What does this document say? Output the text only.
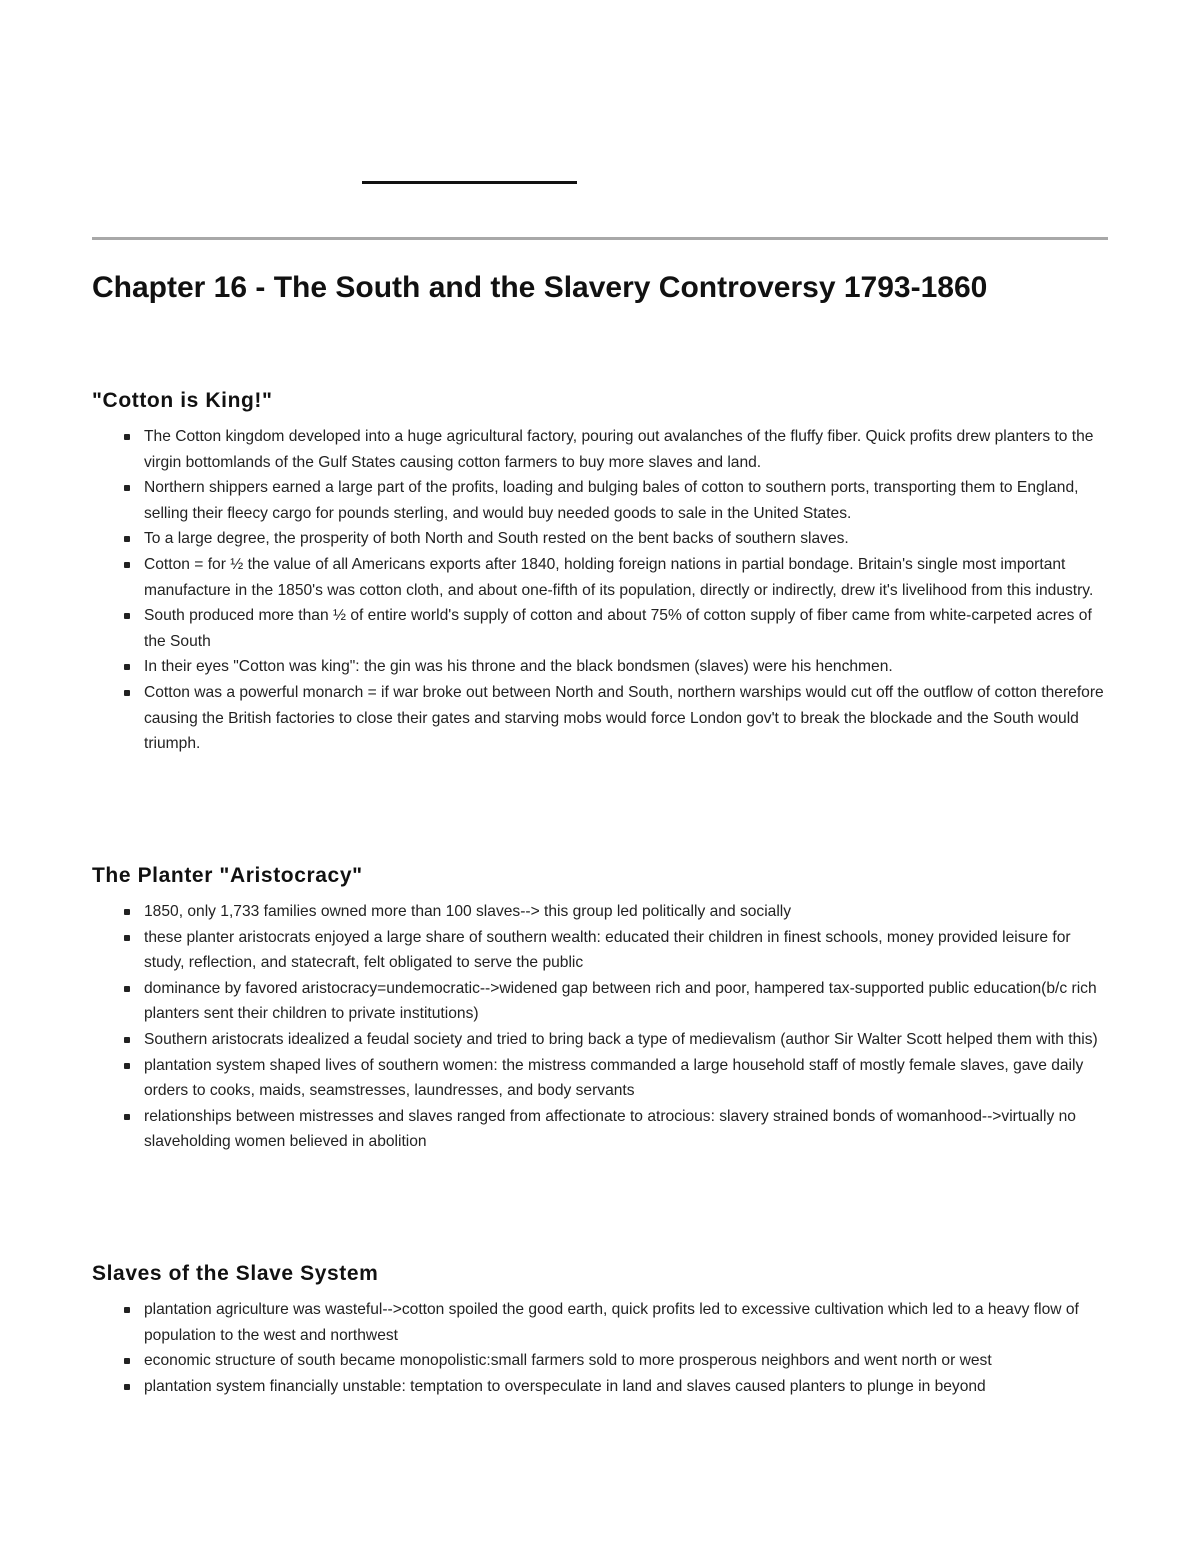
Chapter 16 - The South and the Slavery Controversy 1793-1860
"Cotton is King!"
The Cotton kingdom developed into a huge agricultural factory, pouring out avalanches of the fluffy fiber. Quick profits drew planters to the virgin bottomlands of the Gulf States causing cotton farmers to buy more slaves and land.
Northern shippers earned a large part of the profits, loading and bulging bales of cotton to southern ports, transporting them to England, selling their fleecy cargo for pounds sterling, and would buy needed goods to sale in the United States.
To a large degree, the prosperity of both North and South rested on the bent backs of southern slaves.
Cotton = for ½ the value of all Americans exports after 1840, holding foreign nations in partial bondage. Britain's single most important manufacture in the 1850's was cotton cloth, and about one-fifth of its population, directly or indirectly, drew it's livelihood from this industry.
South produced more than ½ of entire world's supply of cotton and about 75% of cotton supply of fiber came from white-carpeted acres of the South
In their eyes "Cotton was king": the gin was his throne and the black bondsmen (slaves) were his henchmen.
Cotton was a powerful monarch = if war broke out between North and South, northern warships would cut off the outflow of cotton therefore causing the British factories to close their gates and starving mobs would force London gov't to break the blockade and the South would triumph.
The Planter "Aristocracy"
1850, only 1,733 families owned more than 100 slaves--> this group led politically and socially
these planter aristocrats enjoyed a large share of southern wealth: educated their children in finest schools, money provided leisure for study, reflection, and statecraft, felt obligated to serve the public
dominance by favored aristocracy=undemocratic-->widened gap between rich and poor, hampered tax-supported public education(b/c rich planters sent their children to private institutions)
Southern aristocrats idealized a feudal society and tried to bring back a type of medievalism (author Sir Walter Scott helped them with this)
plantation system shaped lives of southern women: the mistress commanded a large household staff of mostly female slaves, gave daily orders to cooks, maids, seamstresses, laundresses, and body servants
relationships between mistresses and slaves ranged from affectionate to atrocious: slavery strained bonds of womanhood-->virtually no slaveholding women believed in abolition
Slaves of the Slave System
plantation agriculture was wasteful-->cotton spoiled the good earth, quick profits led to excessive cultivation which led to a heavy flow of population to the west and northwest
economic structure of south became monopolistic:small farmers sold to more prosperous neighbors and went north or west
plantation system financially unstable: temptation to overspeculate in land and slaves caused planters to plunge in beyond
